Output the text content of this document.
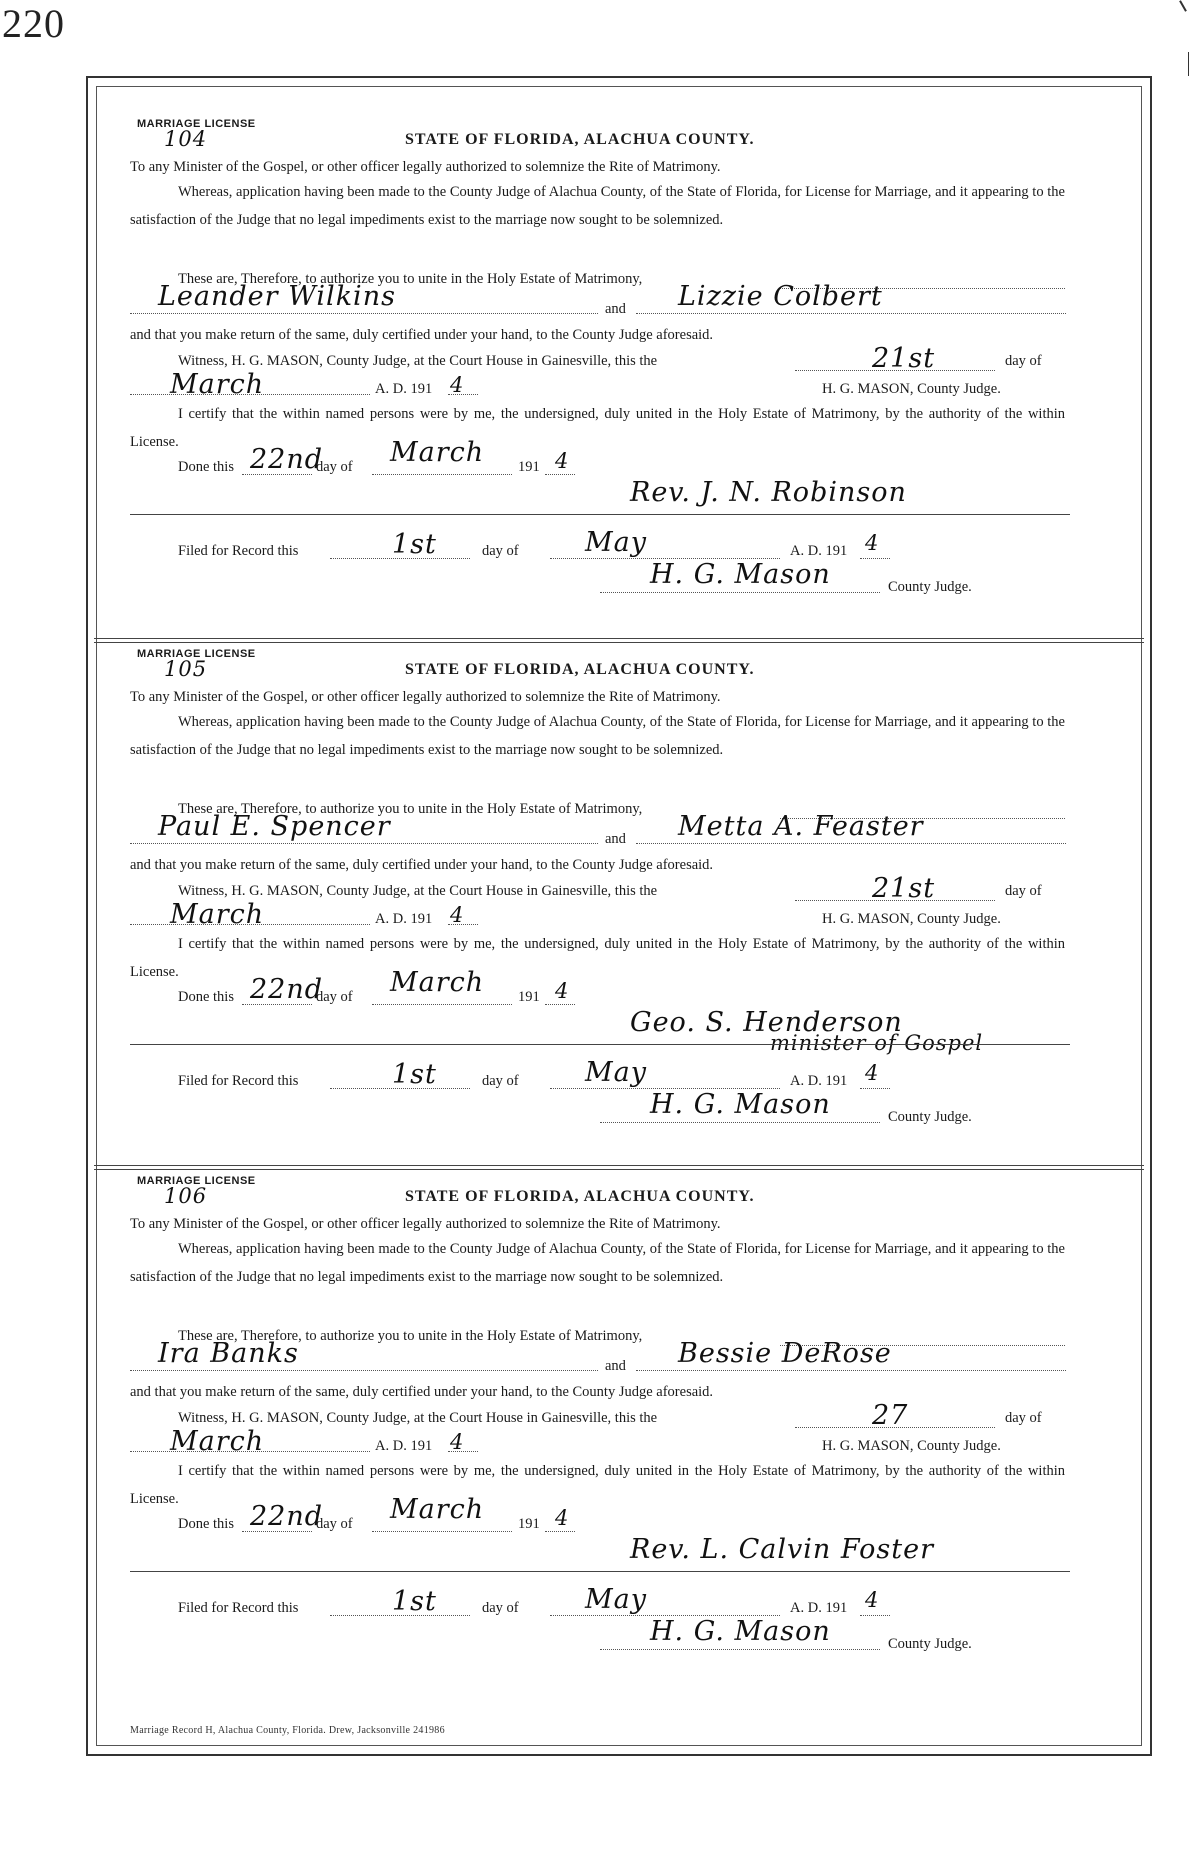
220
MARRIAGE LICENSE
104	STATE OF FLORIDA, ALACHUA COUNTY.
To any Minister of the Gospel, or other officer legally authorized to solemnize the Rite of Matrimony.
Whereas, application having been made to the County Judge of Alachua County, of the State of Florida, for License for Marriage, and it appearing to the satisfaction of the Judge that no legal impediments exist to the marriage now sought to be solemnized.
These are, Therefore, to authorize you to unite in the Holy Estate of Matrimony,
Leander Wilkins	and Lizzie Colbert
and that you make return of the same, duly certified under your hand, to the County Judge aforesaid.
Witness, H. G. MASON, County Judge, at the Court House in Gainesville, this the	21st	day of
March	A. D. 191 4	H. G. MASON, County Judge.
I certify that the within named persons were by me, the undersigned, duly united in the Holy Estate of Matrimony, by the authority of the within License.
Done this 22nd
day of March 191 4
Rev. J. N. Robinson
Filed for Record this	1st	day of May	A. D. 191 4
H. G. Mason	County Judge.
MARRIAGE LICENSE
105	STATE OF FLORIDA, ALACHUA COUNTY.
To any Minister of the Gospel, or other officer legally authorized to solemnize the Rite of Matrimony.
Whereas, application having been made to the County Judge of Alachua County, of the State of Florida, for License for Marriage, and it appearing to the satisfaction of the Judge that no legal impediments exist to the marriage now sought to be solemnized.
These are, Therefore, to authorize you to unite in the Holy Estate of Matrimony,
Paul E. Spencer	and Metta A. Feaster
and that you make return of the same, duly certified under your hand, to the County Judge aforesaid.
Witness, H. G. MASON, County Judge, at the Court House in Gainesville, this the	21st	day of
March	A. D. 191 4	H. G. MASON, County Judge.
I certify that the within named persons were by me, the undersigned, duly united in the Holy Estate of Matrimony, by the authority of the within License.
Done this 22nd
day of March 191 4
Geo. S. Henderson
minister of Gospel
Filed for Record this	1st	day of May	A. D. 191 4
H. G. Mason	County Judge.
MARRIAGE LICENSE
106	STATE OF FLORIDA, ALACHUA COUNTY.
To any Minister of the Gospel, or other officer legally authorized to solemnize the Rite of Matrimony.
Whereas, application having been made to the County Judge of Alachua County, of the State of Florida, for License for Marriage, and it appearing to the satisfaction of the Judge that no legal impediments exist to the marriage now sought to be solemnized.
These are, Therefore, to authorize you to unite in the Holy Estate of Matrimony,
Ira Banks	and Bessie DeRose
and that you make return of the same, duly certified under your hand, to the County Judge aforesaid.
Witness, H. G. MASON, County Judge, at the Court House in Gainesville, this the	27	day of
March	A. D. 191 4	H. G. MASON, County Judge.
I certify that the within named persons were by me, the undersigned, duly united in the Holy Estate of Matrimony, by the authority of the within License.
Done this 22nd
day of March 191 4
Rev. L. Calvin Foster
Filed for Record this	1st	day of May	A. D. 191 4
H. G. Mason	County Judge.
Marriage Record H, Alachua County, Florida. Drew, Jacksonville 241986
